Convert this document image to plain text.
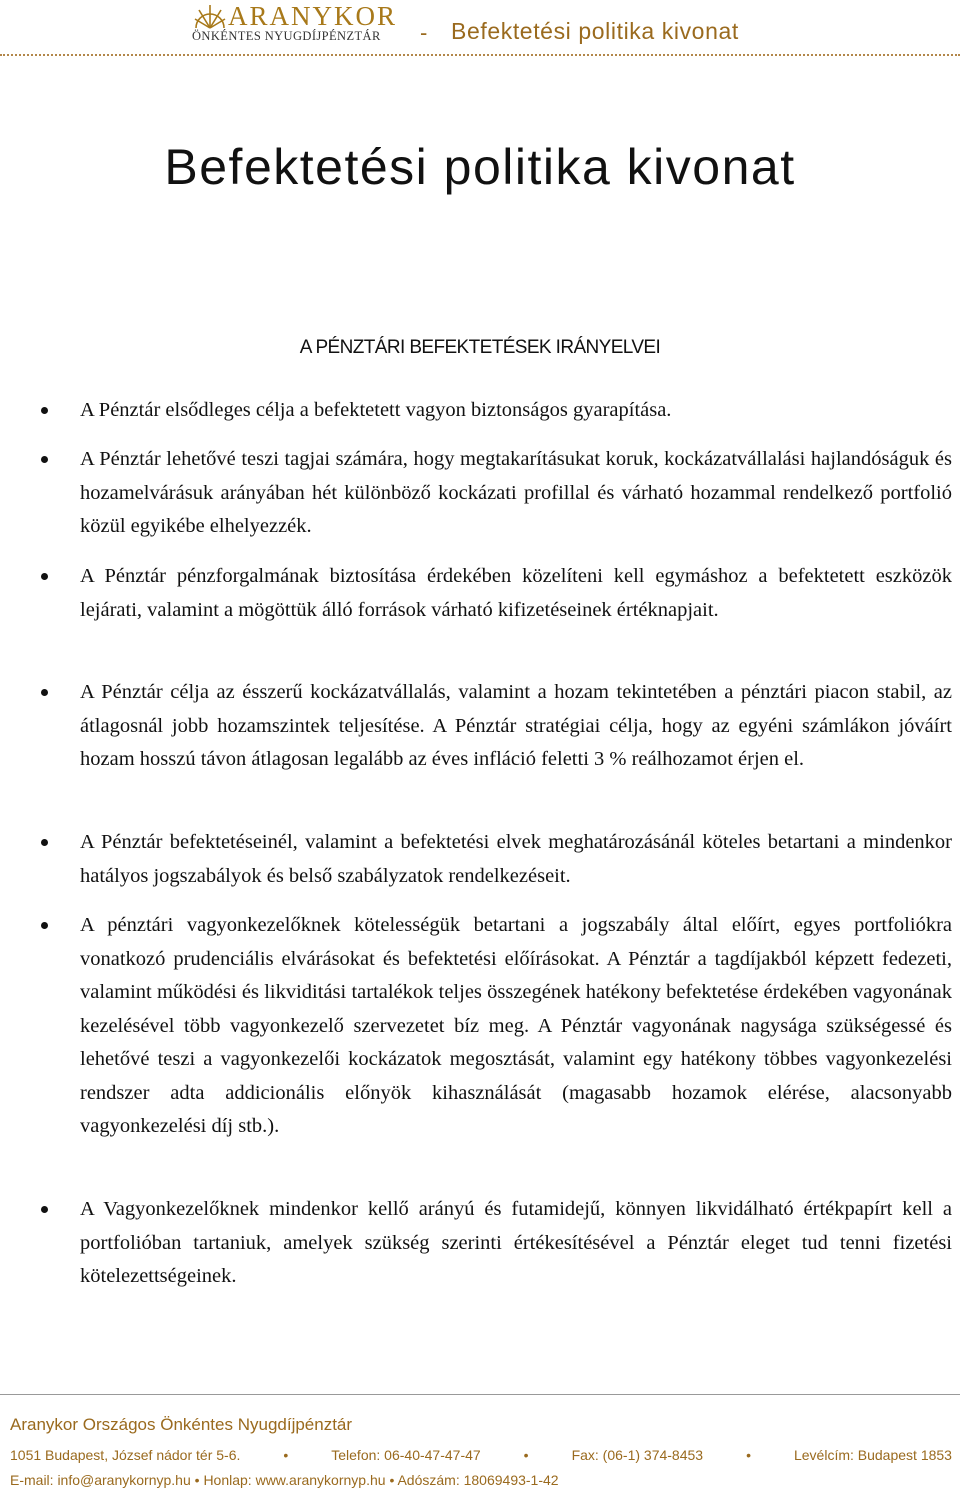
ARANYKOR
ÖNKÉNTES NYUGDÍJPÉNZTÁR - Befektetési politika kivonat
Befektetési politika kivonat
A PÉNZTÁRI BEFEKTETÉSEK IRÁNYELVEI
A Pénztár elsődleges célja a befektetett vagyon biztonságos gyarapítása.
A Pénztár lehetővé teszi tagjai számára, hogy megtakarításukat koruk, kockázatvállalási hajlandóságuk és hozamelvárásuk arányában hét különböző kockázati profillal és várható hozammal rendelkező portfolió közül egyikébe elhelyezzék.
A Pénztár pénzforgalmának biztosítása érdekében közelíteni kell egymáshoz a befektetett eszközök lejárati, valamint a mögöttük álló források várható kifizetéseinek értéknapjait.
A Pénztár célja az ésszerű kockázatvállalás, valamint a hozam tekintetében a pénztári piacon stabil, az átlagosnál jobb hozamszintek teljesítése. A Pénztár stratégiai célja, hogy az egyéni számlákon jóváírt hozam hosszú távon átlagosan legalább az éves infláció feletti 3 % reálhozamot érjen el.
A Pénztár befektetéseinél, valamint a befektetési elvek meghatározásánál köteles betartani a mindenkor hatályos jogszabályok és belső szabályzatok rendelkezéseit.
A pénztári vagyonkezelőknek kötelességük betartani a jogszabály által előírt, egyes portfoliókra vonatkozó prudenciális elvárásokat és befektetési előírásokat. A Pénztár a tagdíjakból képzett fedezeti, valamint működési és likviditási tartalékok teljes összegének hatékony befektetése érdekében vagyonának kezelésével több vagyonkezelő szervezetet bíz meg. A Pénztár vagyonának nagysága szükségessé és lehetővé teszi a vagyonkezelői kockázatok megosztását, valamint egy hatékony többes vagyonkezelési rendszer adta addicionális előnyök kihasználását (magasabb hozamok elérése, alacsonyabb vagyonkezelési díj stb.).
A Vagyonkezelőknek mindenkor kellő arányú és futamidejű, könnyen likvidálható értékpapírt kell a portfolióban tartaniuk, amelyek szükség szerinti értékesítésével a Pénztár eleget tud tenni fizetési kötelezettségeinek.
Aranykor Országos Önkéntes Nyugdíjpénztár
1051 Budapest, József nádor tér 5-6.	•	Telefon: 06-40-47-47-47	•	Fax: (06-1) 374-8453	•	Levélcím: Budapest 1853
E-mail: info@aranykornyp.hu • Honlap: www.aranykornyp.hu • Adószám: 18069493-1-42
